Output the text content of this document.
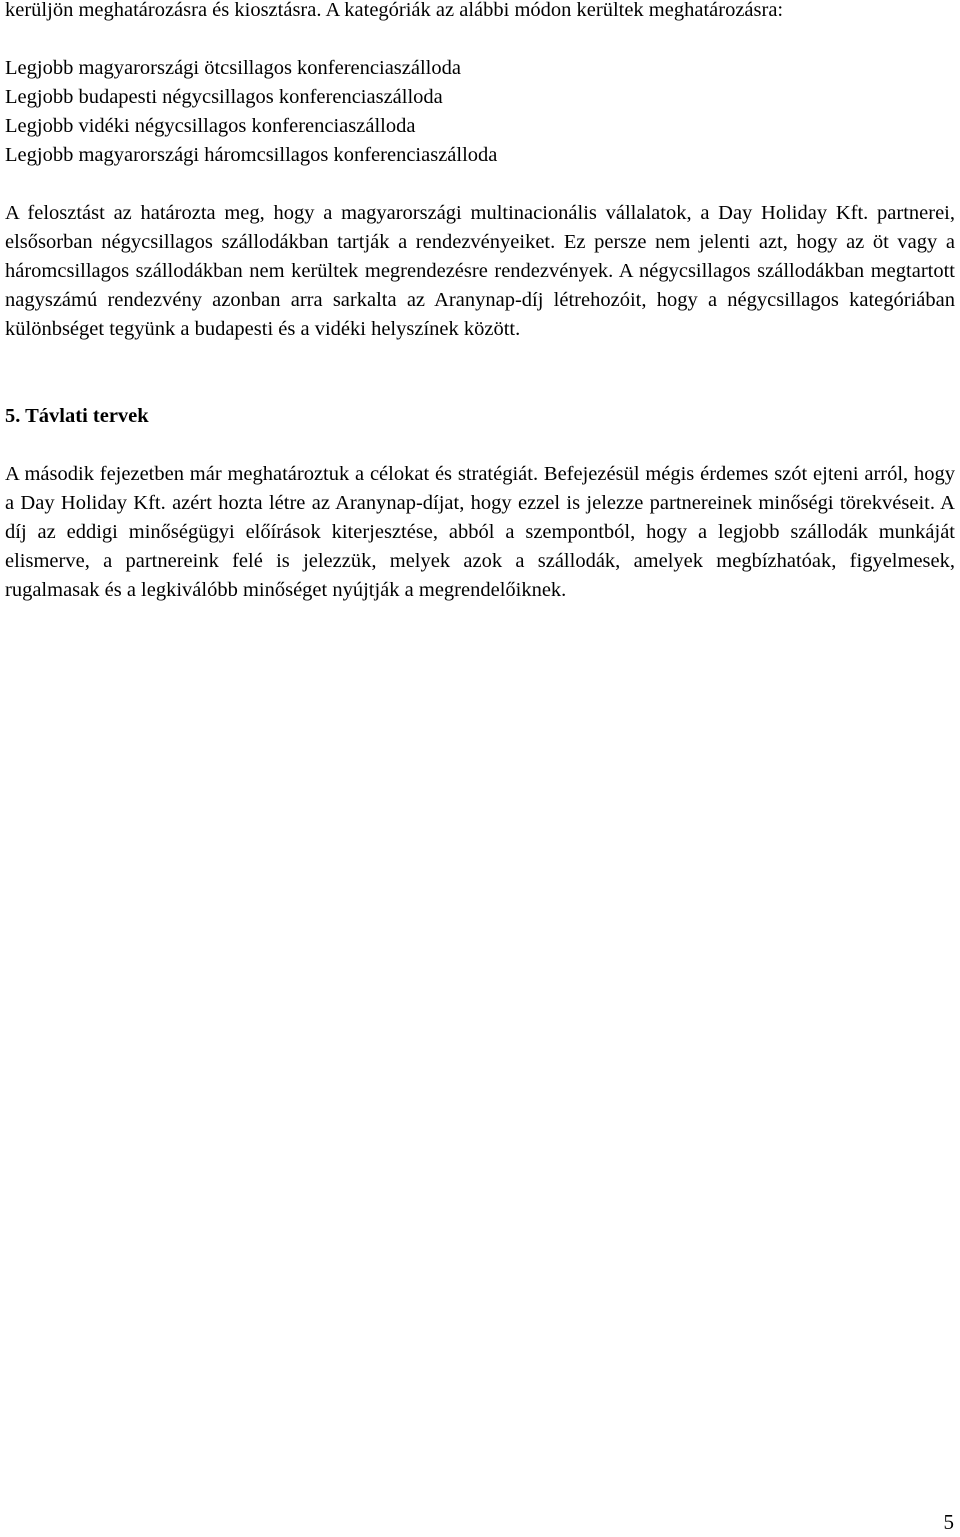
kerüljön meghatározásra és kiosztásra. A kategóriák az alábbi módon kerültek meghatározásra:

Legjobb magyarországi ötcsillagos konferenciaszálloda
Legjobb budapesti négycsillagos konferenciaszálloda
Legjobb vidéki négycsillagos konferenciaszálloda
Legjobb magyarországi háromcsillagos konferenciaszálloda

A felosztást az határozta meg, hogy a magyarországi multinacionális vállalatok, a Day Holiday Kft. partnerei, elsősorban négycsillagos szállodákban tartják a rendezvényeiket. Ez persze nem jelenti azt, hogy az öt vagy a háromcsillagos szállodákban nem kerültek megrendezésre rendezvények. A négycsillagos szállodákban megtartott nagyszámú rendezvény azonban arra sarkalta az Aranynap-díj létrehozóit, hogy a négycsillagos kategóriában különbséget tegyünk a budapesti és a vidéki helyszínek között.

5. Távlati tervek

A második fejezetben már meghatároztuk a célokat és stratégiát. Befejezésül mégis érdemes szót ejteni arról, hogy a Day Holiday Kft. azért hozta létre az Aranynap-díjat, hogy ezzel is jelezze partnereinek minőségi törekvéseit. A díj az eddigi minőségügyi előírások kiterjesztése, abból a szempontból, hogy a legjobb szállodák munkáját elismerve, a partnereink felé is jelezzük, melyek azok a szállodák, amelyek megbízhatóak, figyelmesek, rugalmasak és a legkiválóbb minőséget nyújtják a megrendelőiknek.

5
